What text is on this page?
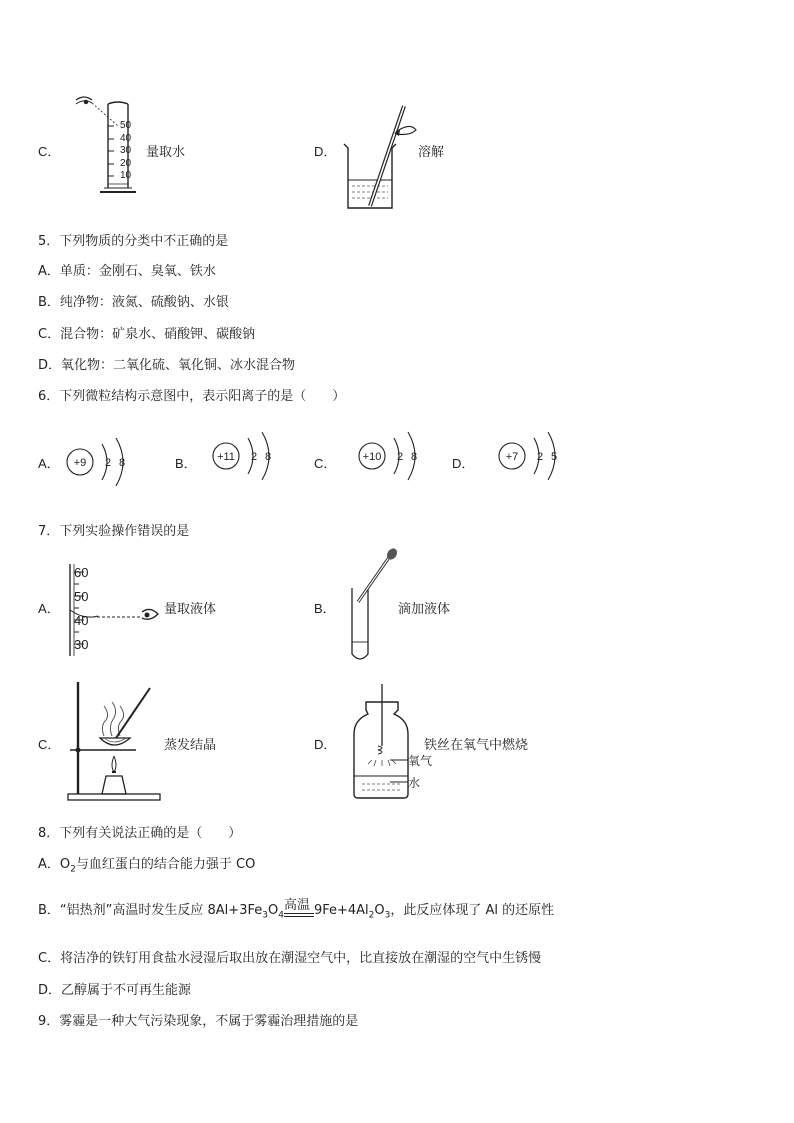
C．
50
40
30
20
10
量取水	D．	溶解
5．下列物质的分类中不正确的是
A．单质：金刚石、臭氧、铁水
B．纯净物：液氮、硫酸钠、水银
C．混合物：矿泉水、硝酸钾、碳酸钠
D．氧化物：二氧化硫、氧化铜、冰水混合物
6．下列微粒结构示意图中，表示阳离子的是（　　）
A． +9 2 8	B． +11 2 8	C． +10 2 8	D．	+7 2 5
7．下列实验操作错误的是
A．
60
50
40
30
量取液体	B．	滴加液体
C．	蒸发结晶	D．	铁丝在氧气中燃烧
氧气
水
8．下列有关说法正确的是（　　）
A．$O_2$与血红蛋白的结合能力强于 CO
B．“铝热剂”高温时发生反应 $8Al+3Fe_3O_4$
高温 $9Fe+4Al_2O_3$，此反应体现了 Al 的还原性
C．将洁净的铁钉用食盐水浸湿后取出放在潮湿空气中，比直接放在潮湿的空气中生锈慢
D．乙醇属于不可再生能源
9．雾霾是一种大气污染现象，不属于雾霾治理措施的是
